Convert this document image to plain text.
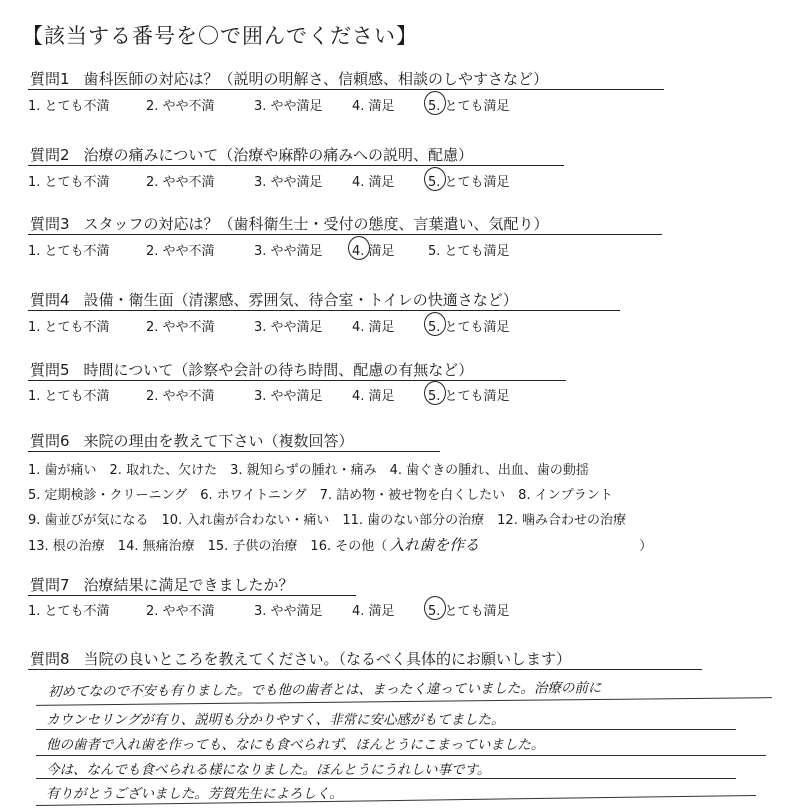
【該当する番号を〇で囲んでください】
質問1 歯科医師の対応は？（説明の明解さ、信頼感、相談のしやすさなど）
1. とても不満	2. やや不満	3. やや満足 4. 満足	5. とても満足
質問2 治療の痛みについて（治療や麻酔の痛みへの説明、配慮）
1. とても不満	2. やや不満	3. やや満足 4. 満足	5. とても満足
質問3 スタッフの対応は？（歯科衛生士・受付の態度、言葉遣い、気配り）
1. とても不満	2. やや不満	3. やや満足 4. 満足	5. とても満足
質問4 設備・衛生面（清潔感、雰囲気、待合室・トイレの快適さなど）
1. とても不満	2. やや不満	3. やや満足 4. 満足	5. とても満足
質問5 時間について（診察や会計の待ち時間、配慮の有無など）
1. とても不満	2. やや不満	3. やや満足 4. 満足	5. とても満足
質問6 来院の理由を教えて下さい（複数回答）
1. 歯が痛い　2. 取れた、欠けた　3. 親知らずの腫れ・痛み　4. 歯ぐきの腫れ、出血、歯の動揺
5. 定期検診・クリーニング　6. ホワイトニング　7. 詰め物・被せ物を白くしたい　8. インプラント
9. 歯並びが気になる　10. 入れ歯が合わない・痛い　11. 歯のない部分の治療　12. 噛み合わせの治療
13. 根の治療　14. 無痛治療　15. 子供の治療　16. その他（ 入れ歯を作る	）
質問7 治療結果に満足できましたか？
1. とても不満	2. やや不満	3. やや満足 4. 満足	5. とても満足
質問8 当院の良いところを教えてください。（なるべく具体的にお願いします）
初めてなので不安も有りました。でも他の歯者とは、まったく違っていました。治療の前に
カウンセリングが有り、説明も分かりやすく、非常に安心感がもてました。
他の歯者で入れ歯を作っても、なにも食べられず、ほんとうにこまっていました。
今は、なんでも食べられる様になりました。ほんとうにうれしい事です。
有りがとうございました。芳賀先生によろしく。
